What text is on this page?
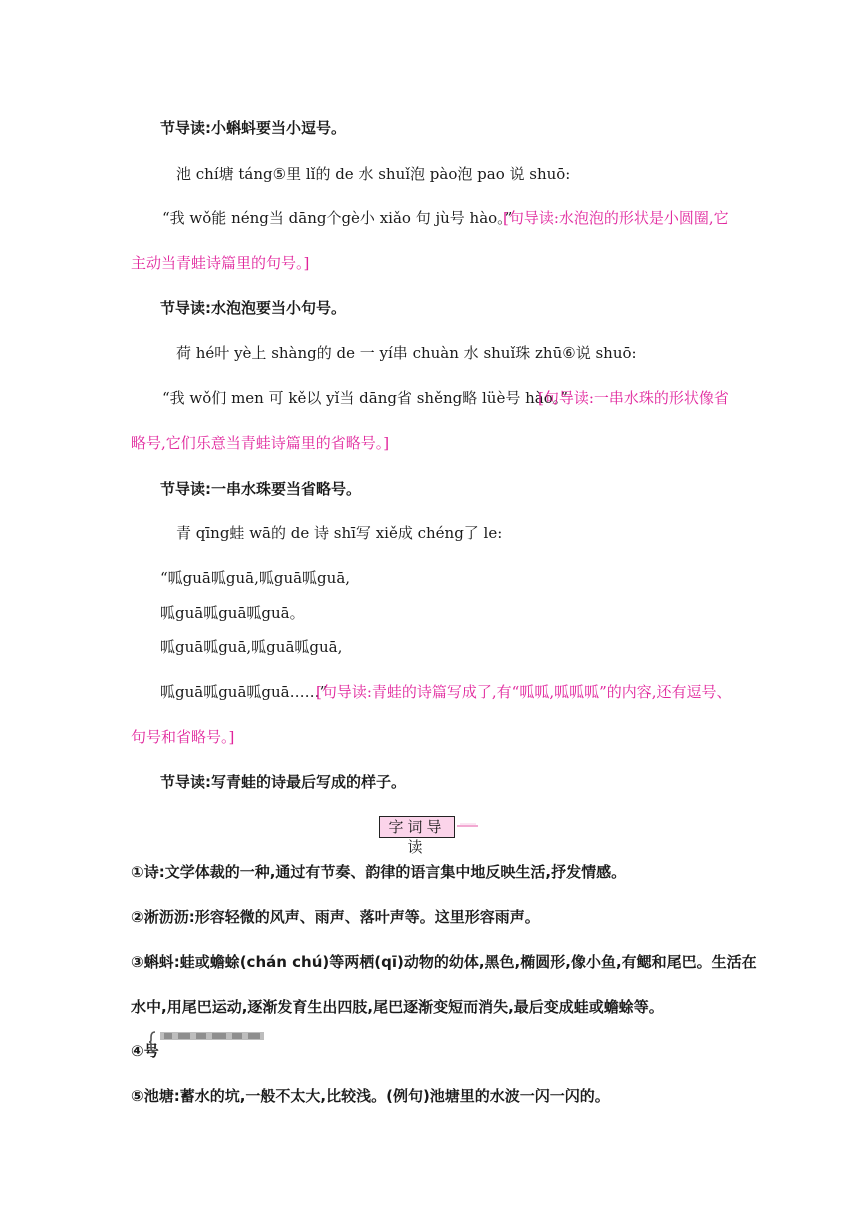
节导读:小蝌蚪要当小逗号。
池 chí塘 táng⑤里 lǐ的 de 水 shuǐ泡 pào泡 pao 说 shuō:
“我 wǒ能 néng当 dāng个gè小 xiǎo 句 jù号 hào。”
[句导读:水泡泡的形状是小圆圈,它
主动当青蛙诗篇里的句号。]
节导读:水泡泡要当小句号。
荷 hé叶 yè上 shàng的 de 一 yí串 chuàn 水 shuǐ珠 zhū⑥说 shuō:
“我 wǒ们 men 可 kě以 yǐ当 dāng省 shěng略 lüè号 hào。”
[句导读:一串水珠的形状像省
略号,它们乐意当青蛙诗篇里的省略号。]
节导读:一串水珠要当省略号。
青 qīng蛙 wā的 de 诗 shī写 xiě成 chéng了 le:
“呱guā呱guā,呱guā呱guā,
呱guā呱guā呱guā。
呱guā呱guā,呱guā呱guā,
呱guā呱guā呱guā……”
[句导读:青蛙的诗篇写成了,有“呱呱,呱呱呱”的内容,还有逗号、
句号和省略号。]
节导读:写青蛙的诗最后写成的样子。
字词导读
①诗:文学体裁的一种,通过有节奏、韵律的语言集中地反映生活,抒发情感。
②淅沥沥:形容轻微的风声、雨声、落叶声等。这里形容雨声。
③蝌蚪:蛙或蟾蜍(chán chú)等两栖(qī)动物的幼体,黑色,椭圆形,像小鱼,有鳃和尾巴。生活在
水中,用尾巴运动,逐渐发育生出四肢,尾巴逐渐变短而消失,最后变成蛙或蟾蜍等。
④号
⑤池塘:蓄水的坑,一般不太大,比较浅。(例句)池塘里的水波一闪一闪的。
